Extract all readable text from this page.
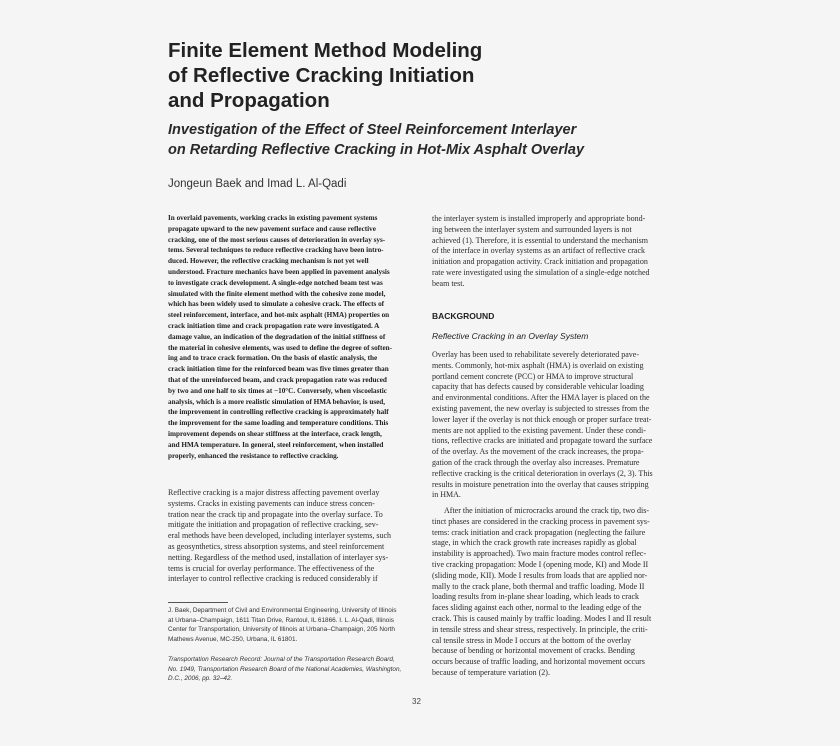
Finite Element Method Modeling
of Reflective Cracking Initiation
and Propagation
Investigation of the Effect of Steel Reinforcement Interlayer
on Retarding Reflective Cracking in Hot-Mix Asphalt Overlay
Jongeun Baek and Imad L. Al-Qadi

In overlaid pavements, working cracks in existing pavement systems
propagate upward to the new pavement surface and cause reflective
cracking, one of the most serious causes of deterioration in overlay sys-
tems. Several techniques to reduce reflective cracking have been intro-
duced. However, the reflective cracking mechanism is not yet well
understood. Fracture mechanics have been applied in pavement analysis
to investigate crack development. A single-edge notched beam test was
simulated with the finite element method with the cohesive zone model,
which has been widely used to simulate a cohesive crack. The effects of
steel reinforcement, interface, and hot-mix asphalt (HMA) properties on
crack initiation time and crack propagation rate were investigated. A
damage value, an indication of the degradation of the initial stiffness of
the material in cohesive elements, was used to define the degree of soften-
ing and to trace crack formation. On the basis of elastic analysis, the
crack initiation time for the reinforced beam was five times greater than
that of the unreinforced beam, and crack propagation rate was reduced
by two and one half to six times at −10°C. Conversely, when viscoelastic
analysis, which is a more realistic simulation of HMA behavior, is used,
the improvement in controlling reflective cracking is approximately half
the improvement for the same loading and temperature conditions. This
improvement depends on shear stiffness at the interface, crack length,
and HMA temperature. In general, steel reinforcement, when installed
properly, enhanced the resistance to reflective cracking.

Reflective cracking is a major distress affecting pavement overlay
systems. Cracks in existing pavements can induce stress concen-
tration near the crack tip and propagate into the overlay surface. To
mitigate the initiation and propagation of reflective cracking, sev-
eral methods have been developed, including interlayer systems, such
as geosynthetics, stress absorption systems, and steel reinforcement
netting. Regardless of the method used, installation of interlayer sys-
tems is crucial for overlay performance. The effectiveness of the
interlayer to control reflective cracking is reduced considerably if

J. Baek, Department of Civil and Environmental Engineering, University of Illinois
at Urbana–Champaign, 1611 Titan Drive, Rantoul, IL 61866. I. L. Al-Qadi, Illinois
Center for Transportation, University of Illinois at Urbana–Champaign, 205 North
Mathews Avenue, MC-250, Urbana, IL 61801.
Transportation Research Record: Journal of the Transportation Research Board,
No. 1949, Transportation Research Board of the National Academies, Washington,
D.C., 2006, pp. 32–42.

the interlayer system is installed improperly and appropriate bond-
ing between the interlayer system and surrounded layers is not
achieved (1). Therefore, it is essential to understand the mechanism
of the interface in overlay systems as an artifact of reflective crack
initiation and propagation activity. Crack initiation and propagation
rate were investigated using the simulation of a single-edge notched
beam test.

BACKGROUND
Reflective Cracking in an Overlay System

Overlay has been used to rehabilitate severely deteriorated pave-
ments. Commonly, hot-mix asphalt (HMA) is overlaid on existing
portland cement concrete (PCC) or HMA to improve structural
capacity that has defects caused by considerable vehicular loading
and environmental conditions. After the HMA layer is placed on the
existing pavement, the new overlay is subjected to stresses from the
lower layer if the overlay is not thick enough or proper surface treat-
ments are not applied to the existing pavement. Under these condi-
tions, reflective cracks are initiated and propagate toward the surface
of the overlay. As the movement of the crack increases, the propa-
gation of the crack through the overlay also increases. Premature
reflective cracking is the critical deterioration in overlays (2, 3). This
results in moisture penetration into the overlay that causes stripping
in HMA.

After the initiation of microcracks around the crack tip, two dis-
tinct phases are considered in the cracking process in pavement sys-
tems: crack initiation and crack propagation (neglecting the failure
stage, in which the crack growth rate increases rapidly as global
instability is approached). Two main fracture modes control reflec-
tive cracking propagation: Mode I (opening mode, KI) and Mode II
(sliding mode, KII). Mode I results from loads that are applied nor-
mally to the crack plane, both thermal and traffic loading. Mode II
loading results from in-plane shear loading, which leads to crack
faces sliding against each other, normal to the leading edge of the
crack. This is caused mainly by traffic loading. Modes I and II result
in tensile stress and shear stress, respectively. In principle, the criti-
cal tensile stress in Mode I occurs at the bottom of the overlay
because of bending or horizontal movement of cracks. Bending
occurs because of traffic loading, and horizontal movement occurs
because of temperature variation (2).

32
